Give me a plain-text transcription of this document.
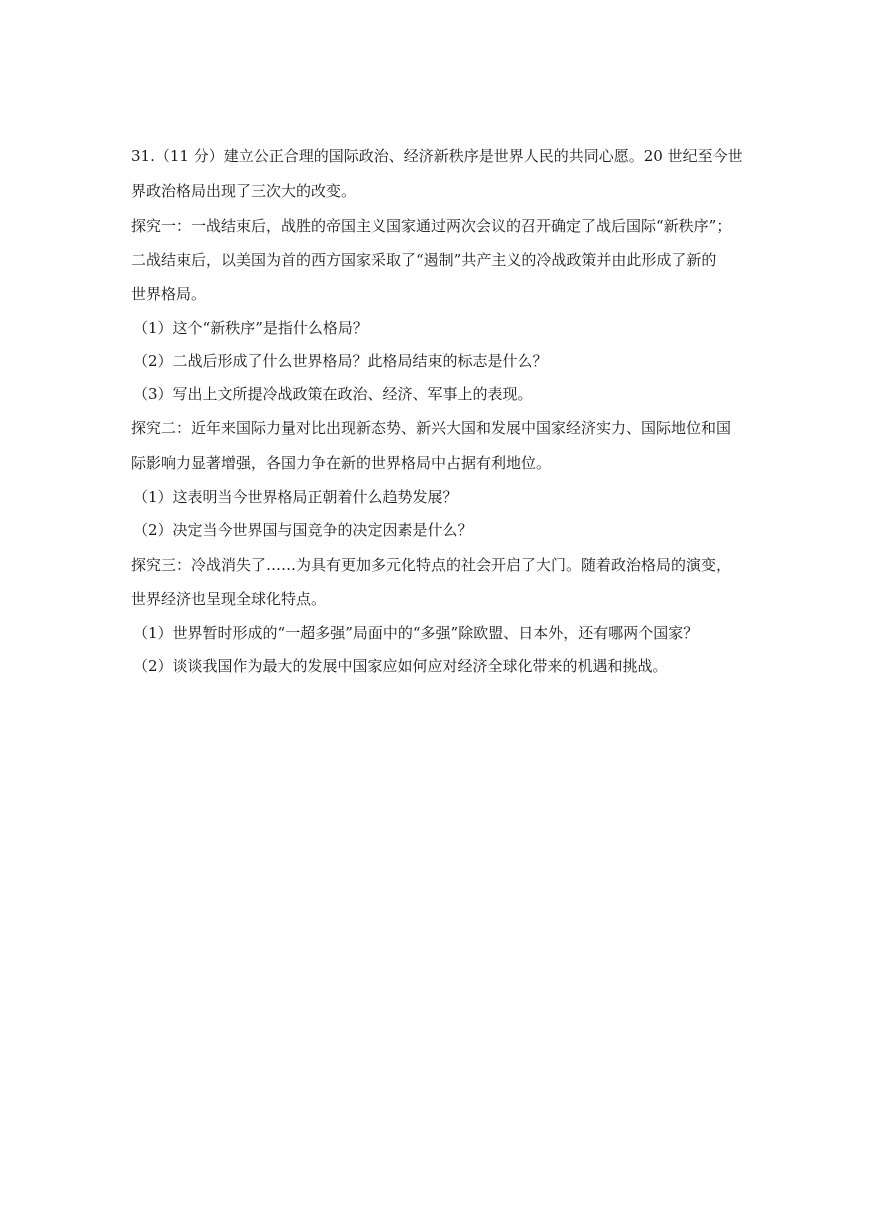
31.（11 分）建立公正合理的国际政治、经济新秩序是世界人民的共同心愿。20 世纪至今世
界政治格局出现了三次大的改变。
探究一：一战结束后，战胜的帝国主义国家通过两次会议的召开确定了战后国际“新秩序”；
二战结束后，以美国为首的西方国家采取了“遏制”共产主义的冷战政策并由此形成了新的
世界格局。
（1）这个“新秩序”是指什么格局？
（2）二战后形成了什么世界格局？此格局结束的标志是什么？
（3）写出上文所提冷战政策在政治、经济、军事上的表现。
探究二：近年来国际力量对比出现新态势、新兴大国和发展中国家经济实力、国际地位和国
际影响力显著增强，各国力争在新的世界格局中占据有利地位。
（1）这表明当今世界格局正朝着什么趋势发展？
（2）决定当今世界国与国竞争的决定因素是什么？
探究三：冷战消失了……为具有更加多元化特点的社会开启了大门。随着政治格局的演变，
世界经济也呈现全球化特点。
（1）世界暂时形成的“一超多强”局面中的“多强”除欧盟、日本外，还有哪两个国家？
（2）谈谈我国作为最大的发展中国家应如何应对经济全球化带来的机遇和挑战。
